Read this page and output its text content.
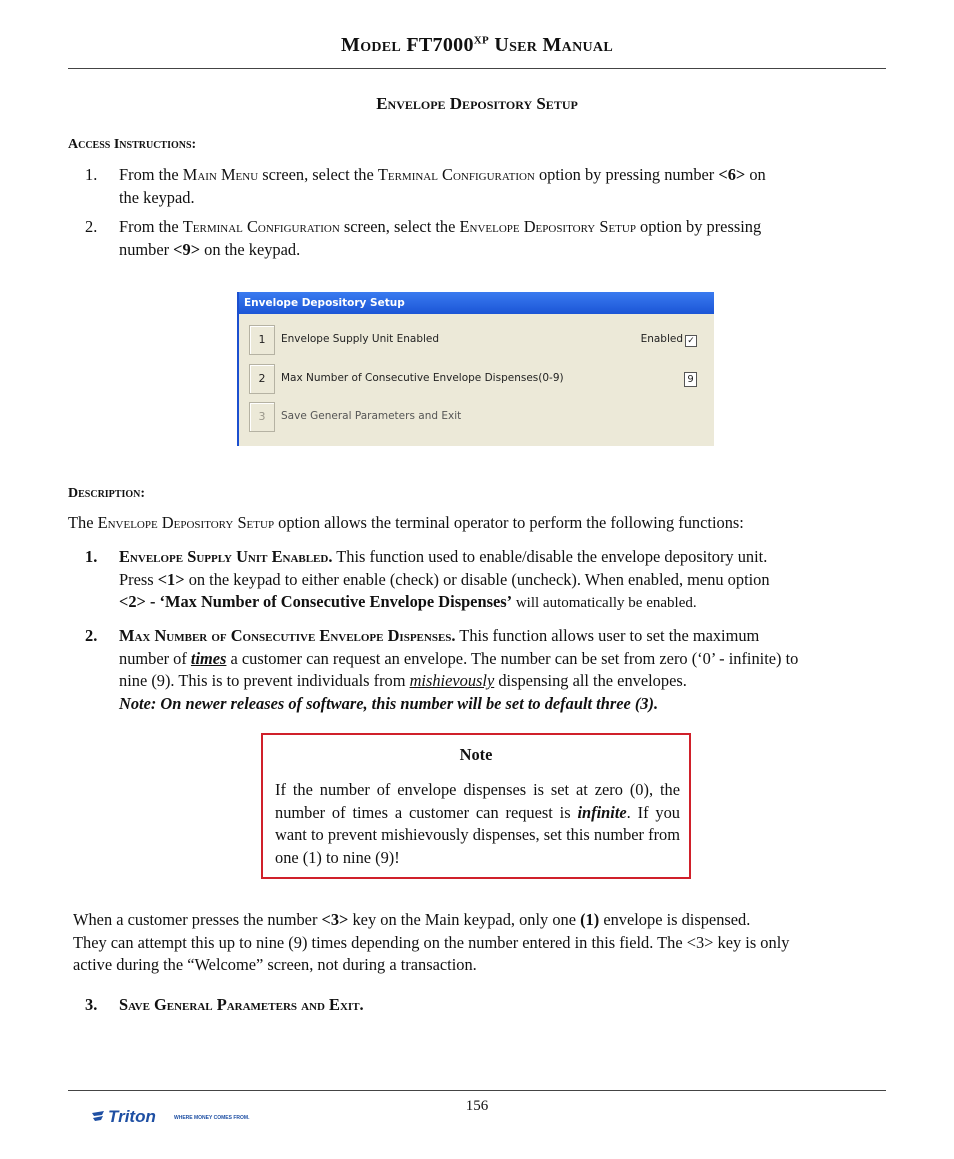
Model $FT7000^{XP}$ User Manual
Envelope Depository Setup
Access Instructions:
1. From the Main Menu screen, select the Terminal Configuration option by pressing number <6> on
the keypad.
2. From the Terminal Configuration screen, select the Envelope Depository Setup option by pressing
number <9> on the keypad.
Envelope Depository Setup
1	Envelope Supply Unit Enabled	Enabled ✓
2	Max Number of Consecutive Envelope Dispenses(0-9)	9
3	Save General Parameters and Exit
Description:
The Envelope Depository Setup option allows the terminal operator to perform the following functions:
1. Envelope Supply Unit Enabled. This function used to enable/disable the envelope depository unit.
Press <1> on the keypad to either enable (check) or disable (uncheck). When enabled, menu option
<2> - ‘Max Number of Consecutive Envelope Dispenses’ will automatically be enabled.
2. Max Number of Consecutive Envelope Dispenses. This function allows user to set the maximum
number of times a customer can request an envelope. The number can be set from zero (‘0’ - infinite) to
nine (9). This is to prevent individuals from mishievously dispensing all the envelopes.
Note: On newer releases of software, this number will be set to default three (3).
Note
If the number of envelope dispenses is set at zero (0), the number of times a customer can request is infinite. If you want to prevent mishievously dispenses, set this number from one (1) to nine (9)!
When a customer presses the number <3> key on the Main keypad, only one (1) envelope is dispensed.
They can attempt this up to nine (9) times depending on the number entered in this field. The <3> key is only
active during the “Welcome” screen, not during a transaction.
3. Save General Parameters and Exit.
156
Triton	WHERE MONEY COMES FROM.
